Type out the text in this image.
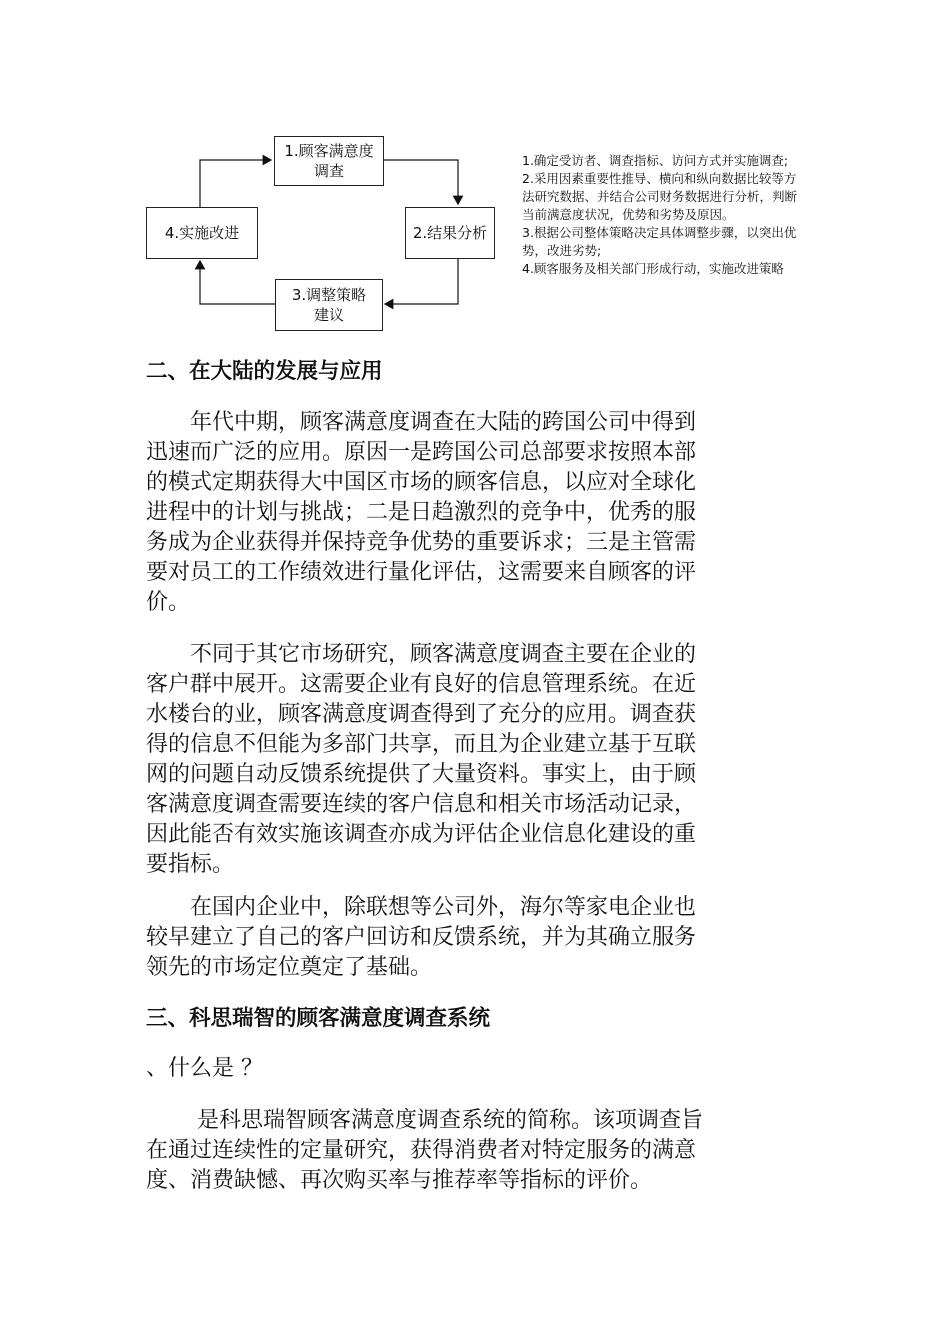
1.顾客满意度
调查
2.结果分析
3.调整策略
建议
4.实施改进
1.确定受访者、调查指标、访问方式并实施调查;
2.采用因素重要性推导、横向和纵向数据比较等方
法研究数据、并结合公司财务数据进行分析，判断
当前满意度状况，优势和劣势及原因。
3.根据公司整体策略决定具体调整步骤，以突出优
势，改进劣势;
4.顾客服务及相关部门形成行动，实施改进策略
二、在大陆的发展与应用
　　年代中期，顾客满意度调查在大陆的跨国公司中得到
迅速而广泛的应用。原因一是跨国公司总部要求按照本部
的模式定期获得大中国区市场的顾客信息，以应对全球化
进程中的计划与挑战；二是日趋激烈的竞争中，优秀的服
务成为企业获得并保持竞争优势的重要诉求；三是主管需
要对员工的工作绩效进行量化评估，这需要来自顾客的评
价。
　　不同于其它市场研究，顾客满意度调查主要在企业的
客户群中展开。这需要企业有良好的信息管理系统。在近
水楼台的业，顾客满意度调查得到了充分的应用。调查获
得的信息不但能为多部门共享，而且为企业建立基于互联
网的问题自动反馈系统提供了大量资料。事实上，由于顾
客满意度调查需要连续的客户信息和相关市场活动记录，
因此能否有效实施该调查亦成为评估企业信息化建设的重
要指标。
　　在国内企业中，除联想等公司外，海尔等家电企业也
较早建立了自己的客户回访和反馈系统，并为其确立服务
领先的市场定位奠定了基础。
三、科思瑞智的顾客满意度调查系统
、什么是 ？
　　 是科思瑞智顾客满意度调查系统的简称。该项调查旨
在通过连续性的定量研究，获得消费者对特定服务的满意
度、消费缺憾、再次购买率与推荐率等指标的评价。
